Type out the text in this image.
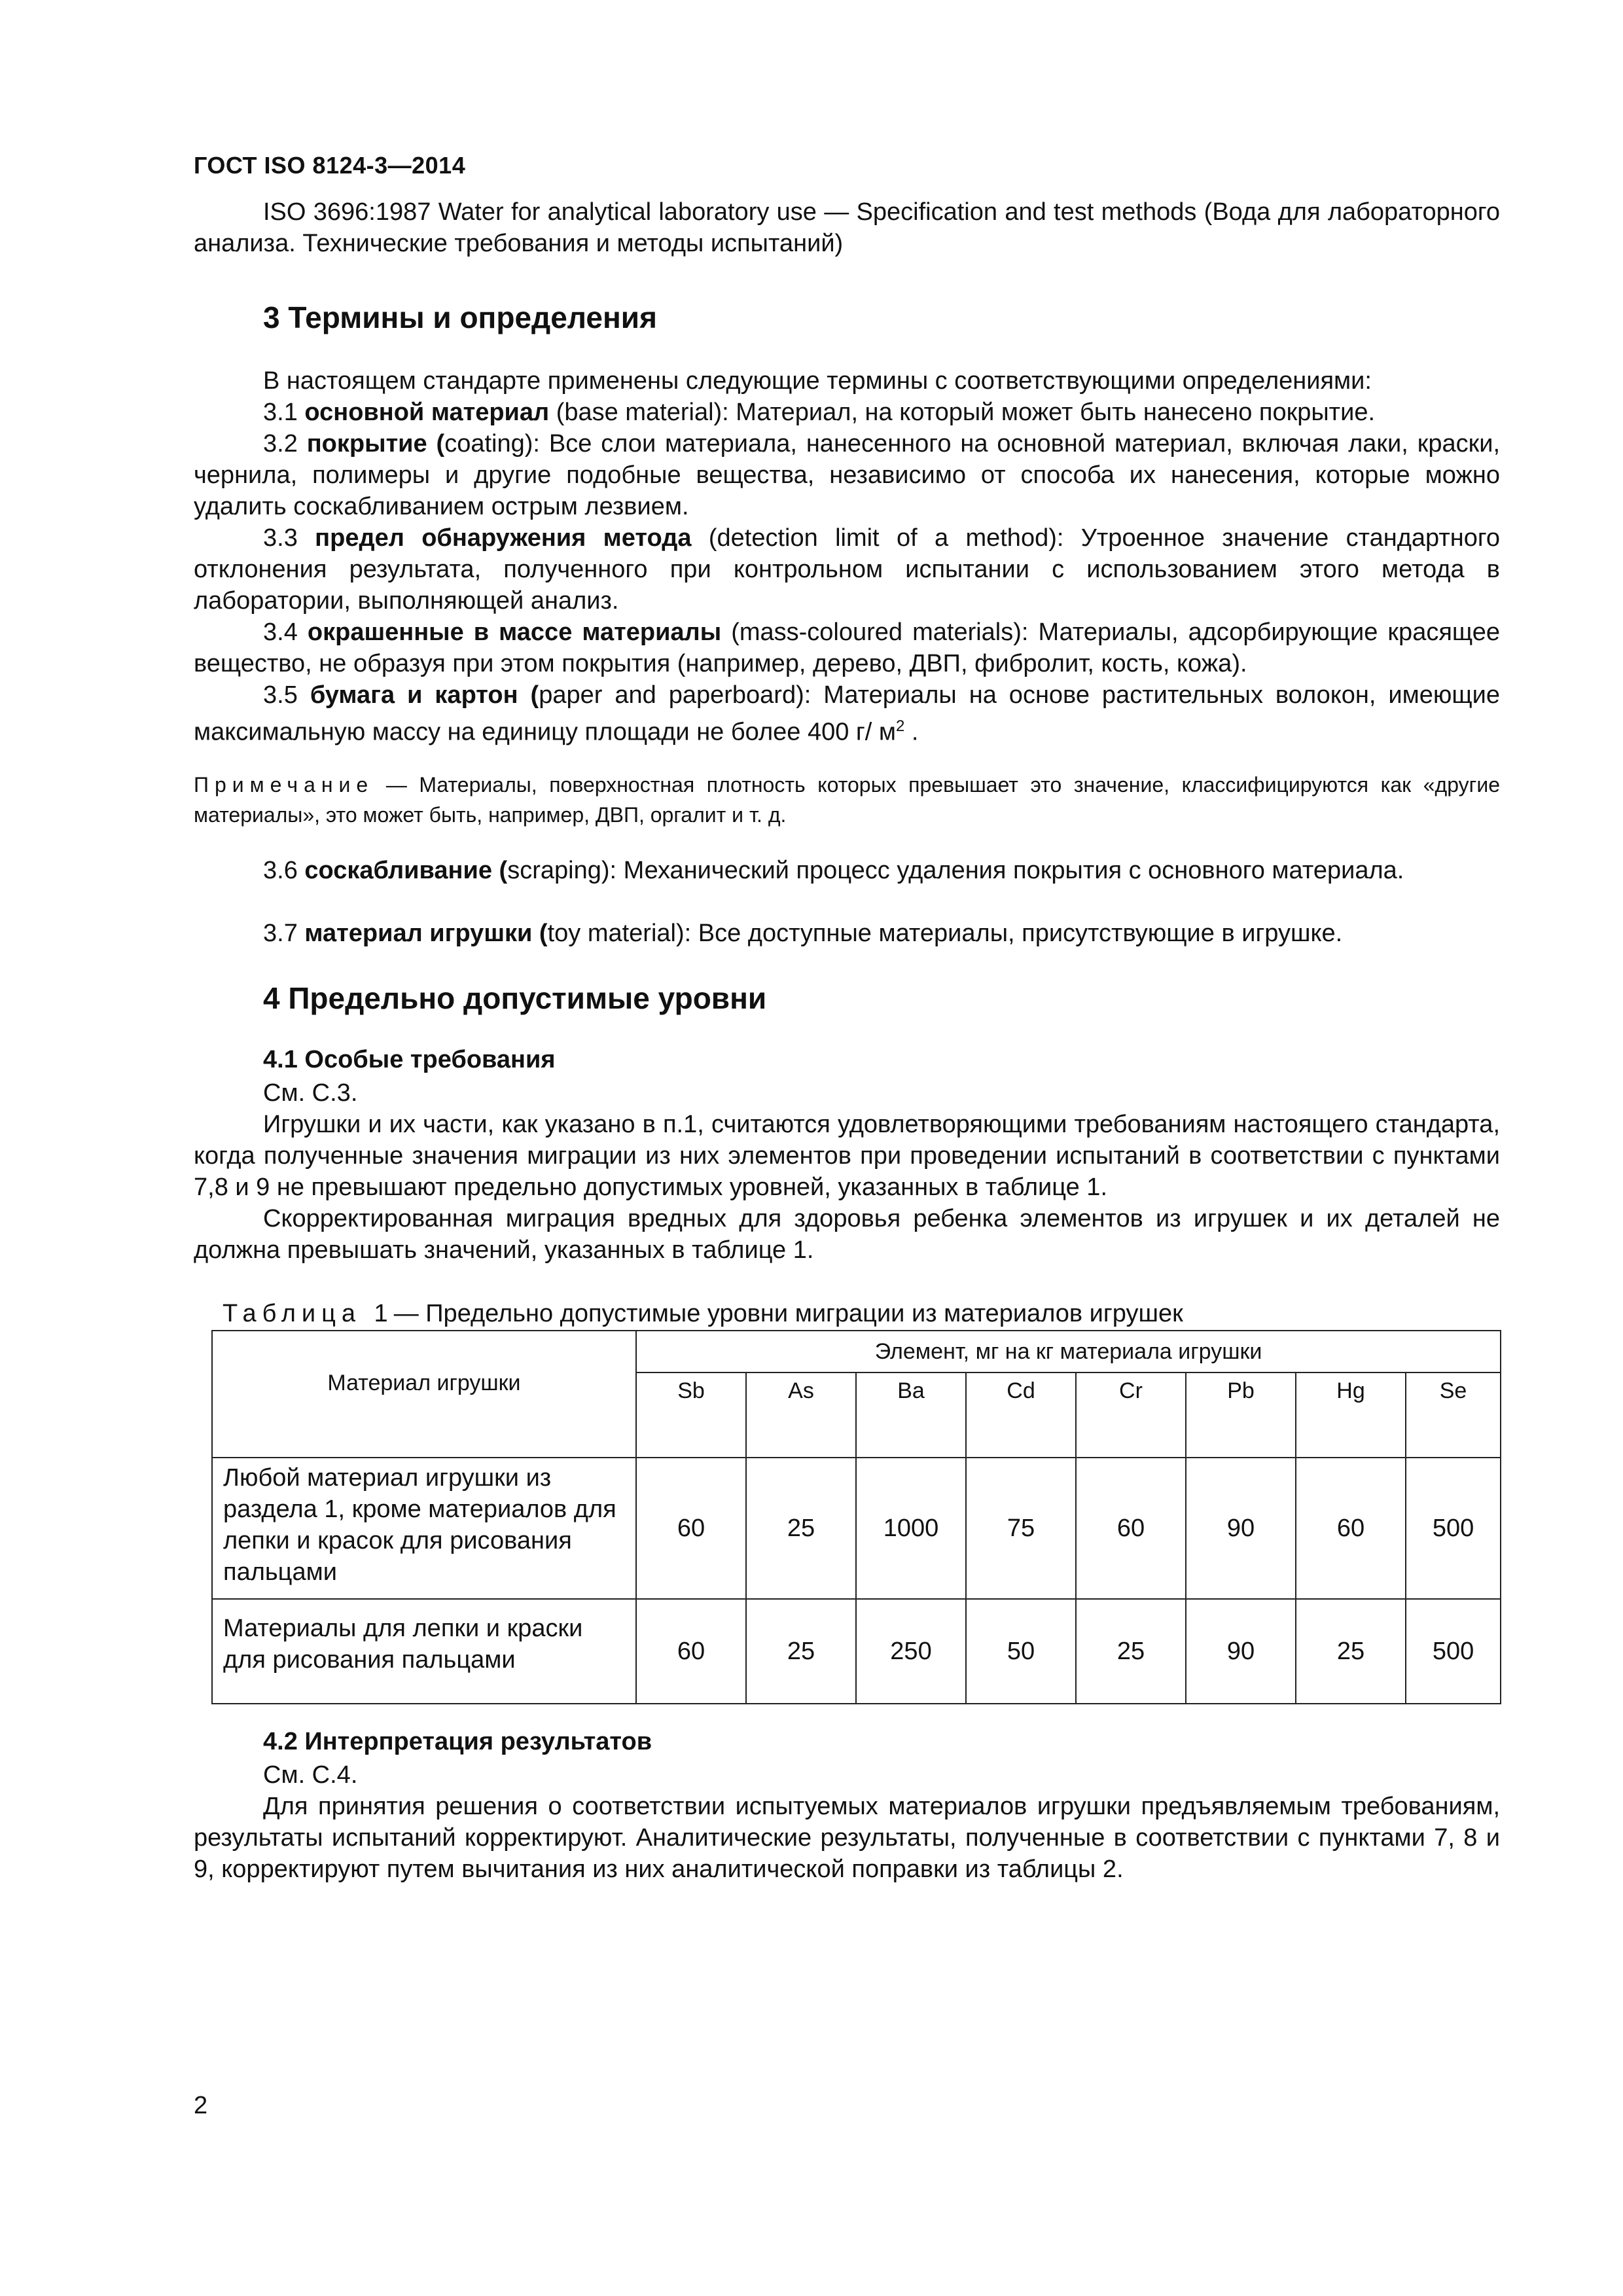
ГОСТ ISO 8124-3—2014

ISO 3696:1987 Water for analytical laboratory use — Specification and test methods (Вода для лабораторного анализа. Технические требования и методы испытаний)

3 Термины и определения

В настоящем стандарте применены следующие термины с соответствующими определениями:

3.1 основной материал (base material): Материал, на который может быть нанесено покрытие.

3.2 покрытие (coating): Все слои материала, нанесенного на основной материал, включая лаки, краски, чернила, полимеры и другие подобные вещества, независимо от способа их нанесения, которые можно удалить соскабливанием острым лезвием.

3.3 предел обнаружения метода (detection limit of a method): Утроенное значение стандартного отклонения результата, полученного при контрольном испытании с использованием этого метода в лаборатории, выполняющей анализ.

3.4 окрашенные в массе материалы (mass-coloured materials): Материалы, адсорбирующие красящее вещество, не образуя при этом покрытия (например, дерево, ДВП, фибролит, кость, кожа).

3.5 бумага и картон (paper and paperboard): Материалы на основе растительных волокон, имеющие максимальную массу на единицу площади не более 400 г/ $м^2$ .

Примечание — Материалы, поверхностная плотность которых превышает это значение, классифицируются как «другие материалы», это может быть, например, ДВП, оргалит и т. д.

3.6 соскабливание (scraping): Механический процесс удаления покрытия с основного материала.

3.7 материал игрушки (toy material): Все доступные материалы, присутствующие в игрушке.

4 Предельно допустимые уровни
4.1 Особые требования

См. С.3.

Игрушки и их части, как указано в п.1, считаются удовлетворяющими требованиям настоящего стандарта, когда полученные значения миграции из них элементов при проведении испытаний в соответствии с пунктами 7,8 и 9 не превышают предельно допустимых уровней, указанных в таблице 1.

Скорректированная миграция вредных для здоровья ребенка элементов из игрушек и их деталей не должна превышать значений, указанных в таблице 1.

Таблица 1— Предельно допустимые уровни миграции из материалов игрушек
Материал игрушки	Элемент, мг на кг материала игрушки							
	Sb	As	Ba	Cd	Cr	Pb	Hg	Se
Любой материал игрушки из раздела 1, кроме материалов для лепки и красок для рисования пальцами	60	25	1000	75	60	90	60	500
Материалы для лепки и краски для рисования пальцами	60	25	250	50	25	90	25	500
4.2 Интерпретация результатов

См. С.4.

Для принятия решения о соответствии испытуемых материалов игрушки предъявляемым требованиям, результаты испытаний корректируют. Аналитические результаты, полученные в соответствии с пунктами 7, 8 и 9, корректируют путем вычитания из них аналитической поправки из таблицы 2.

2
